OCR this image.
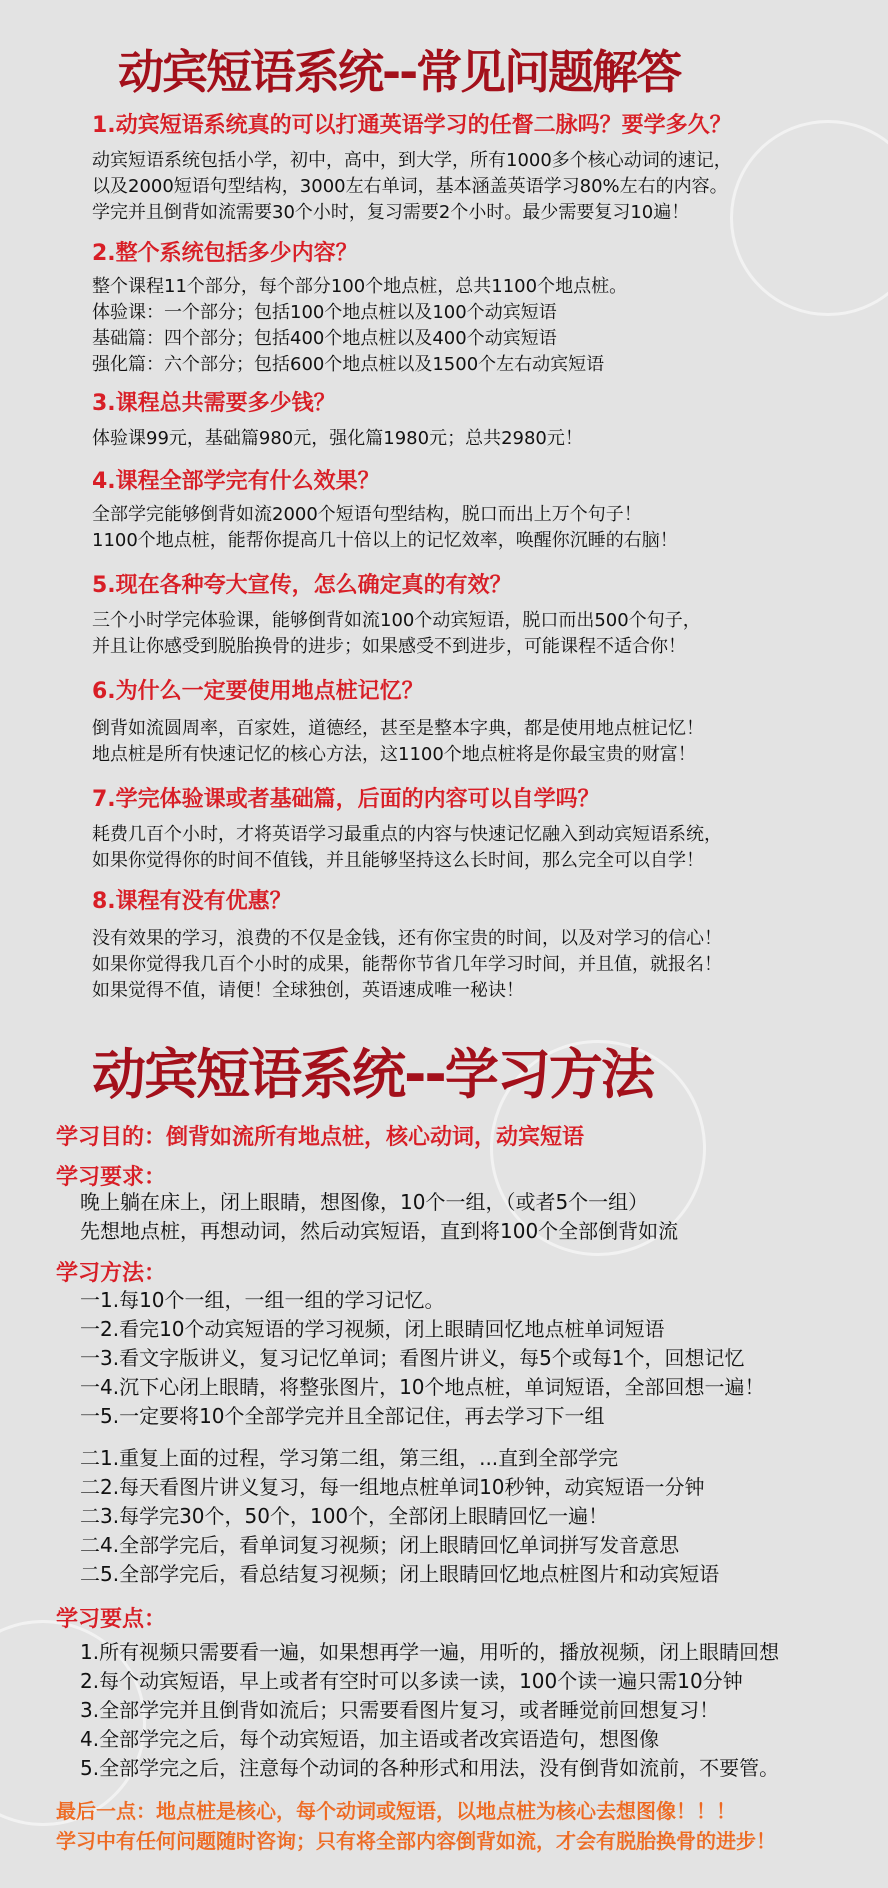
动宾短语系统--常见问题解答
1.动宾短语系统真的可以打通英语学习的任督二脉吗？要学多久？
动宾短语系统包括小学，初中，高中，到大学，所有1000多个核心动词的速记，
以及2000短语句型结构，3000左右单词，基本涵盖英语学习80%左右的内容。
学完并且倒背如流需要30个小时，复习需要2个小时。最少需要复习10遍！
2.整个系统包括多少内容？
整个课程11个部分，每个部分100个地点桩，总共1100个地点桩。
体验课：一个部分；包括100个地点桩以及100个动宾短语
基础篇：四个部分；包括400个地点桩以及400个动宾短语
强化篇：六个部分；包括600个地点桩以及1500个左右动宾短语
3.课程总共需要多少钱？
体验课99元，基础篇980元，强化篇1980元；总共2980元！
4.课程全部学完有什么效果？
全部学完能够倒背如流2000个短语句型结构，脱口而出上万个句子！
1100个地点桩，能帮你提高几十倍以上的记忆效率，唤醒你沉睡的右脑！
5.现在各种夸大宣传，怎么确定真的有效？
三个小时学完体验课，能够倒背如流100个动宾短语，脱口而出500个句子，
并且让你感受到脱胎换骨的进步；如果感受不到进步，可能课程不适合你！
6.为什么一定要使用地点桩记忆？
倒背如流圆周率，百家姓，道德经，甚至是整本字典，都是使用地点桩记忆！
地点桩是所有快速记忆的核心方法，这1100个地点桩将是你最宝贵的财富！
7.学完体验课或者基础篇，后面的内容可以自学吗？
耗费几百个小时，才将英语学习最重点的内容与快速记忆融入到动宾短语系统，
如果你觉得你的时间不值钱，并且能够坚持这么长时间，那么完全可以自学！
8.课程有没有优惠？
没有效果的学习，浪费的不仅是金钱，还有你宝贵的时间，以及对学习的信心！
如果你觉得我几百个小时的成果，能帮你节省几年学习时间，并且值，就报名！
如果觉得不值，请便！全球独创，英语速成唯一秘诀！
动宾短语系统--学习方法
学习目的：倒背如流所有地点桩，核心动词，动宾短语
学习要求：
晚上躺在床上，闭上眼睛，想图像，10个一组，（或者5个一组）
先想地点桩，再想动词，然后动宾短语，直到将100个全部倒背如流
学习方法：
一1.每10个一组，一组一组的学习记忆。
一2.看完10个动宾短语的学习视频，闭上眼睛回忆地点桩单词短语
一3.看文字版讲义，复习记忆单词；看图片讲义，每5个或每1个，回想记忆
一4.沉下心闭上眼睛，将整张图片，10个地点桩，单词短语，全部回想一遍！
一5.一定要将10个全部学完并且全部记住，再去学习下一组
二1.重复上面的过程，学习第二组，第三组，...直到全部学完
二2.每天看图片讲义复习，每一组地点桩单词10秒钟，动宾短语一分钟
二3.每学完30个，50个，100个，全部闭上眼睛回忆一遍！
二4.全部学完后，看单词复习视频；闭上眼睛回忆单词拼写发音意思
二5.全部学完后，看总结复习视频；闭上眼睛回忆地点桩图片和动宾短语
学习要点：
1.所有视频只需要看一遍，如果想再学一遍，用听的，播放视频，闭上眼睛回想
2.每个动宾短语，早上或者有空时可以多读一读，100个读一遍只需10分钟
3.全部学完并且倒背如流后；只需要看图片复习，或者睡觉前回想复习！
4.全部学完之后，每个动宾短语，加主语或者改宾语造句，想图像
5.全部学完之后，注意每个动词的各种形式和用法，没有倒背如流前，不要管。
最后一点：地点桩是核心，每个动词或短语，以地点桩为核心去想图像！！！
学习中有任何问题随时咨询；只有将全部内容倒背如流，才会有脱胎换骨的进步！
